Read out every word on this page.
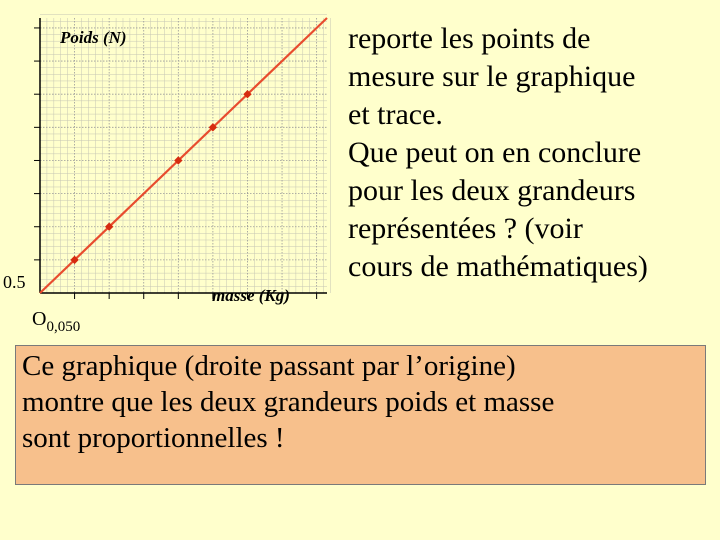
Poids (N)
masse (Kg)
0.5
$O_{0,050}$

reporte les points de

mesure sur le graphique

et trace.

Que peut on en conclure

pour les deux grandeurs

représentées ? (voir

cours de mathématiques)

Ce graphique (droite passant par l’origine)
montre que les deux grandeurs poids et masse
sont proportionnelles !
